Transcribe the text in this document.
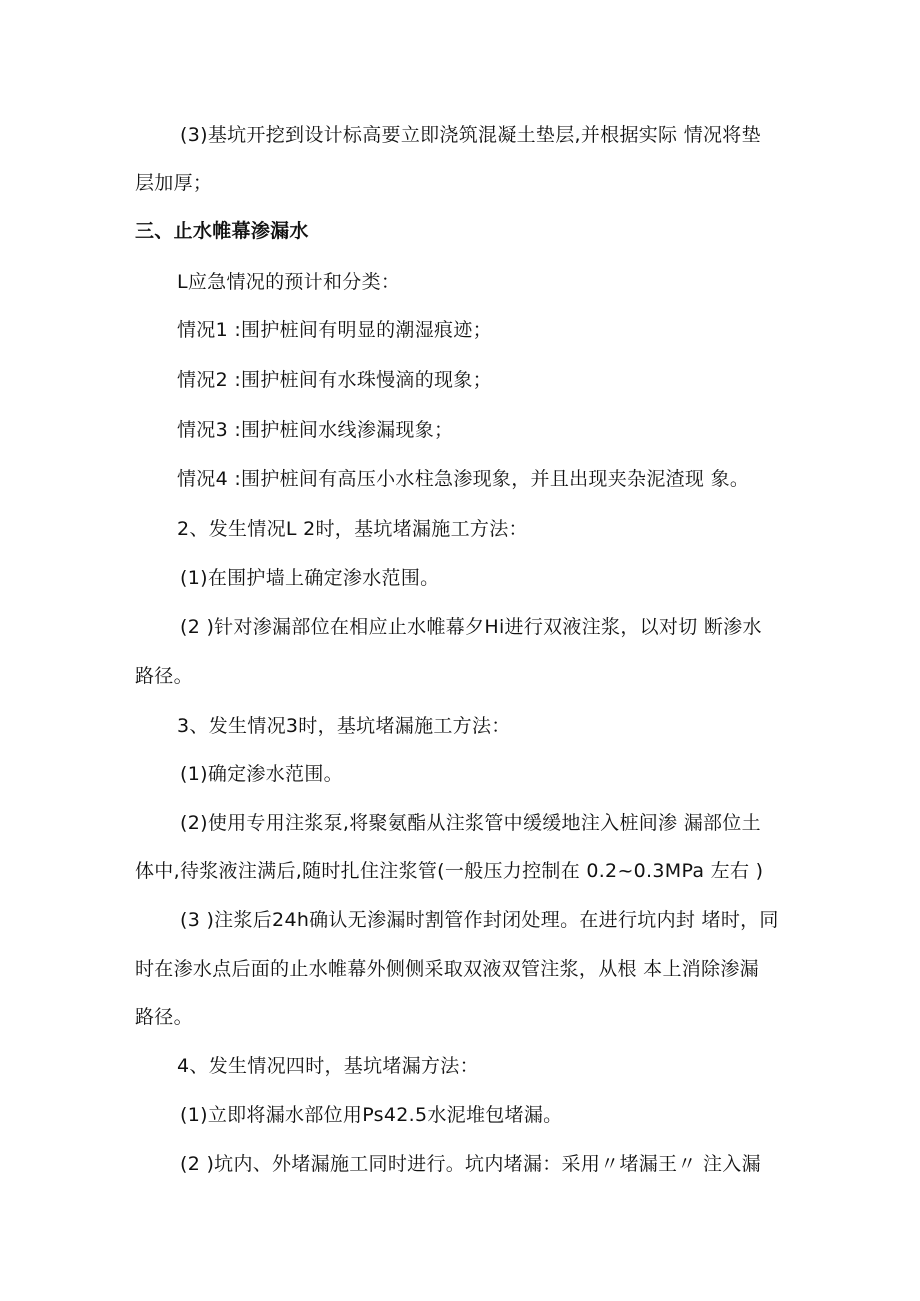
(3)基坑开挖到设计标高要立即浇筑混凝土垫层,并根据实际 情况将垫
层加厚；
三、止水帷幕渗漏水
L应急情况的预计和分类：
情况1 :围护桩间有明显的潮湿痕迹；
情况2 :围护桩间有水珠慢滴的现象；
情况3 :围护桩间水线渗漏现象；
情况4 :围护桩间有高压小水柱急渗现象，并且出现夹杂泥渣现 象。
2、发生情况L 2时，基坑堵漏施工方法：
(1)在围护墙上确定渗水范围。
(2 )针对渗漏部位在相应止水帷幕夕Hi进行双液注浆，以对切 断渗水
路径。
3、发生情况3时，基坑堵漏施工方法：
(1)确定渗水范围。
(2)使用专用注浆泵,将聚氨酯从注浆管中缓缓地注入桩间渗 漏部位土
体中,待浆液注满后,随时扎住注浆管(一般压力控制在 0.2~0.3MPa 左右 )
(3 )注浆后24h确认无渗漏时割管作封闭处理。在进行坑内封 堵时，同
时在渗水点后面的止水帷幕外侧侧采取双液双管注浆，从根 本上消除渗漏
路径。
4、发生情况四时，基坑堵漏方法：
(1)立即将漏水部位用Ps42.5水泥堆包堵漏。
(2 )坑内、外堵漏施工同时进行。坑内堵漏：采用〃堵漏王〃 注入漏
